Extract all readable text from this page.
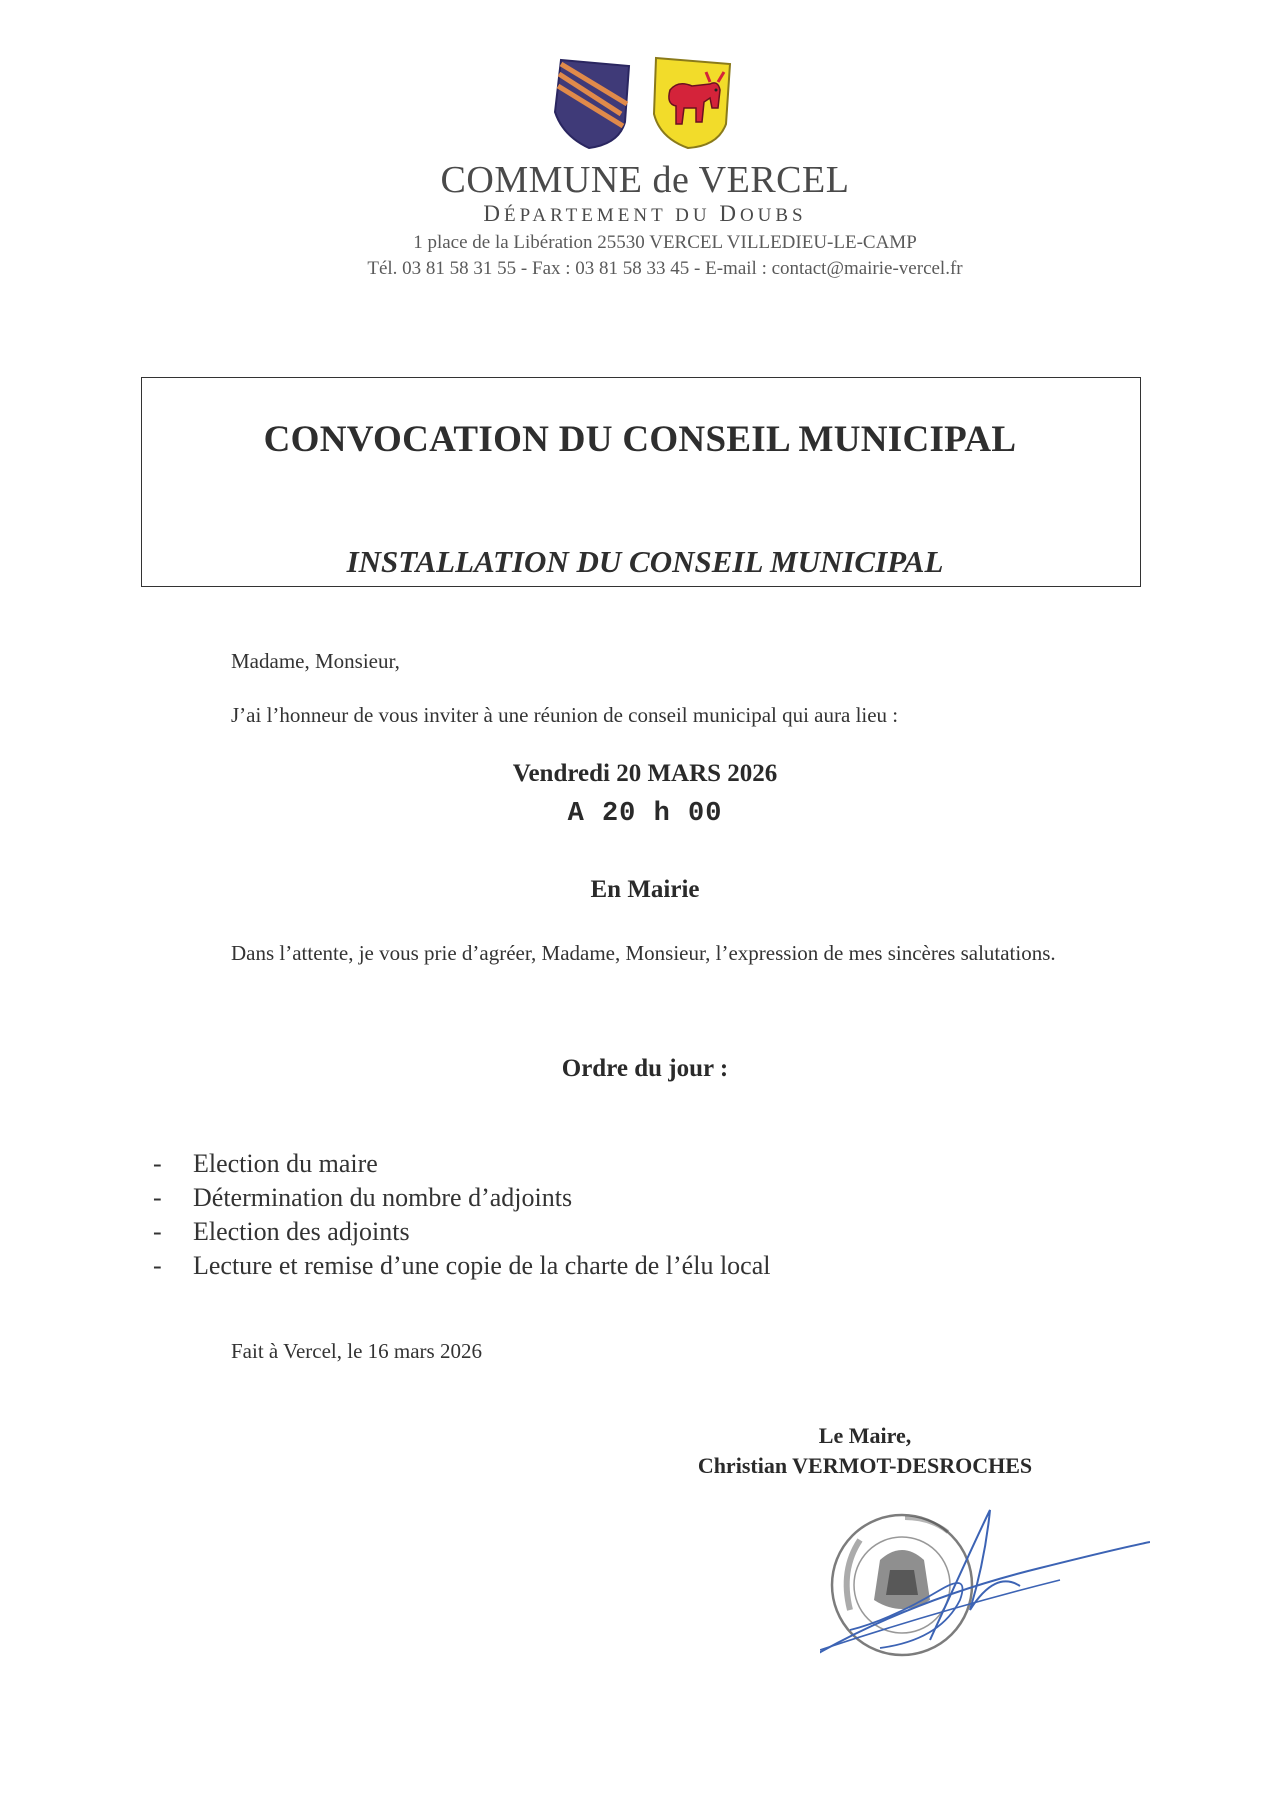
COMMUNE de VERCEL
DÉPARTEMENT DU DOUBS
1 place de la Libération 25530 VERCEL VILLEDIEU-LE-CAMP
Tél. 03 81 58 31 55 - Fax : 03 81 58 33 45 - E-mail : contact@mairie-vercel.fr
CONVOCATION DU CONSEIL MUNICIPAL
INSTALLATION DU CONSEIL MUNICIPAL
Madame, Monsieur,
J’ai l’honneur de vous inviter à une réunion de conseil municipal qui aura lieu :
Vendredi 20 MARS 2026
A 20 h 00
En Mairie
Dans l’attente, je vous prie d’agréer, Madame, Monsieur, l’expression de mes sincères salutations.
Ordre du jour :
- Election du maire
- Détermination du nombre d’adjoints
- Election des adjoints
- Lecture et remise d’une copie de la charte de l’élu local
Fait à Vercel, le 16 mars 2026
Le Maire,
Christian VERMOT-DESROCHES
